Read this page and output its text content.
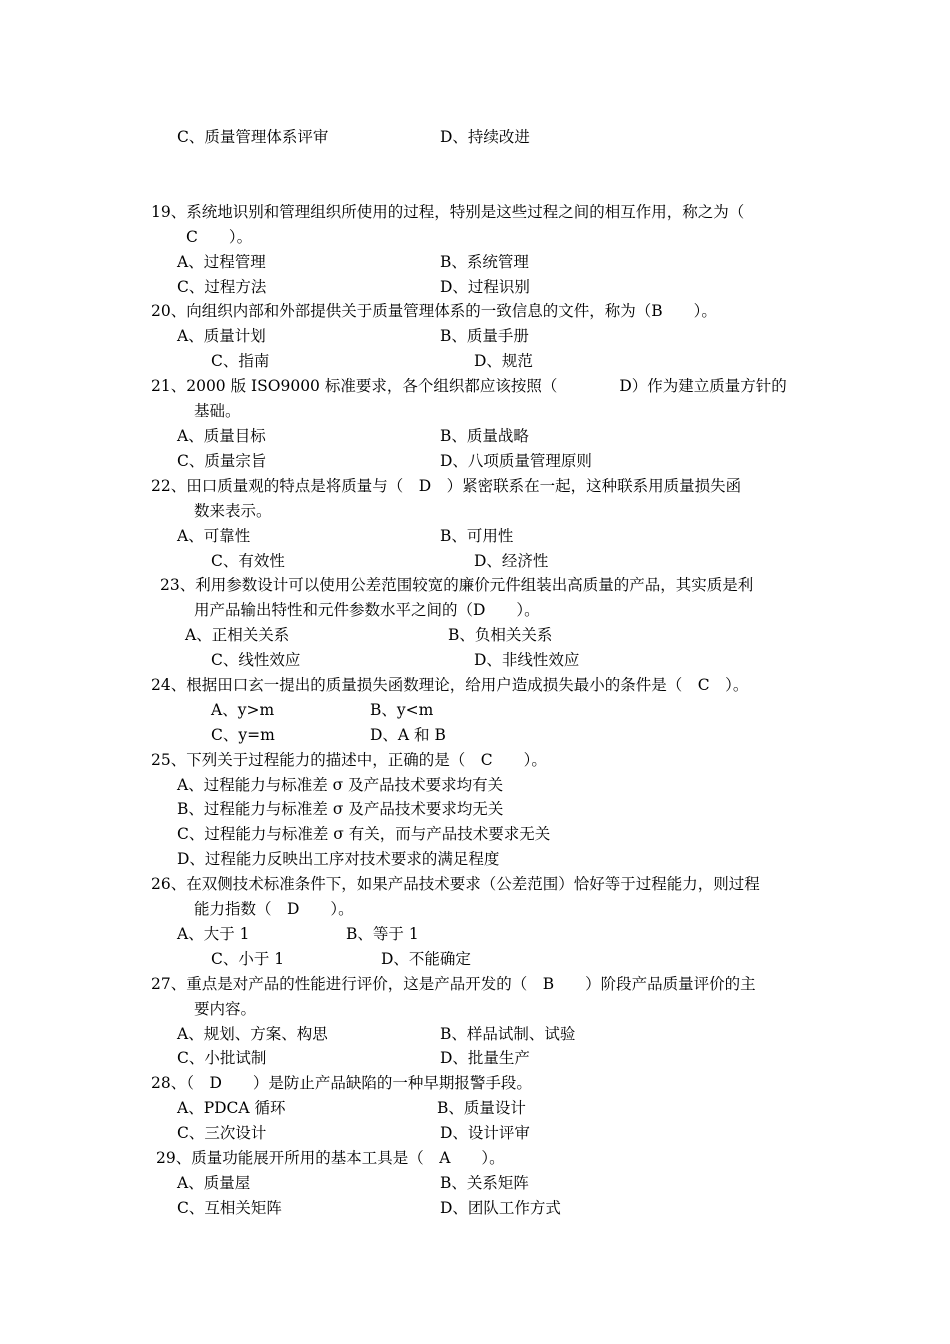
C、质量管理体系评审	D、持续改进
19、系统地识别和管理组织所使用的过程，特别是这些过程之间的相互作用，称之为（
C　　）。
A、过程管理	B、系统管理
C、过程方法	D、过程识别
20、向组织内部和外部提供关于质量管理体系的一致信息的文件，称为（B　　）。
A、质量计划	B、质量手册
C、指南	D、规范
21、2000 版 ISO9000 标准要求，各个组织都应该按照（　　　　D）作为建立质量方针的
基础。
A、质量目标	B、质量战略
C、质量宗旨	D、八项质量管理原则
22、田口质量观的特点是将质量与（　D　）紧密联系在一起，这种联系用质量损失函
数来表示。
A、可靠性	B、可用性
C、有效性	D、经济性
23、利用参数设计可以使用公差范围较宽的廉价元件组装出高质量的产品，其实质是利
用产品输出特性和元件参数水平之间的（D　　）。
A、正相关关系	B、负相关关系
C、线性效应	D、非线性效应
24、根据田口玄一提出的质量损失函数理论，给用户造成损失最小的条件是（　C　）。
A、y>m	B、y<m
C、y=m	D、A 和 B
25、下列关于过程能力的描述中，正确的是（　C　　）。
A、过程能力与标准差 σ 及产品技术要求均有关
B、过程能力与标准差 σ 及产品技术要求均无关
C、过程能力与标准差 σ 有关，而与产品技术要求无关
D、过程能力反映出工序对技术要求的满足程度
26、在双侧技术标准条件下，如果产品技术要求（公差范围）恰好等于过程能力，则过程
能力指数（　D　　）。
A、大于 1	B、等于 1
C、小于 1	D、不能确定
27、重点是对产品的性能进行评价，这是产品开发的（　B　　）阶段产品质量评价的主
要内容。
A、规划、方案、构思	B、样品试制、试验
C、小批试制	D、批量生产
28、（　D　　）是防止产品缺陷的一种早期报警手段。
A、PDCA 循环	B、质量设计
C、三次设计	D、设计评审
29、质量功能展开所用的基本工具是（　A　　）。
A、质量屋	B、关系矩阵
C、互相关矩阵	D、团队工作方式
